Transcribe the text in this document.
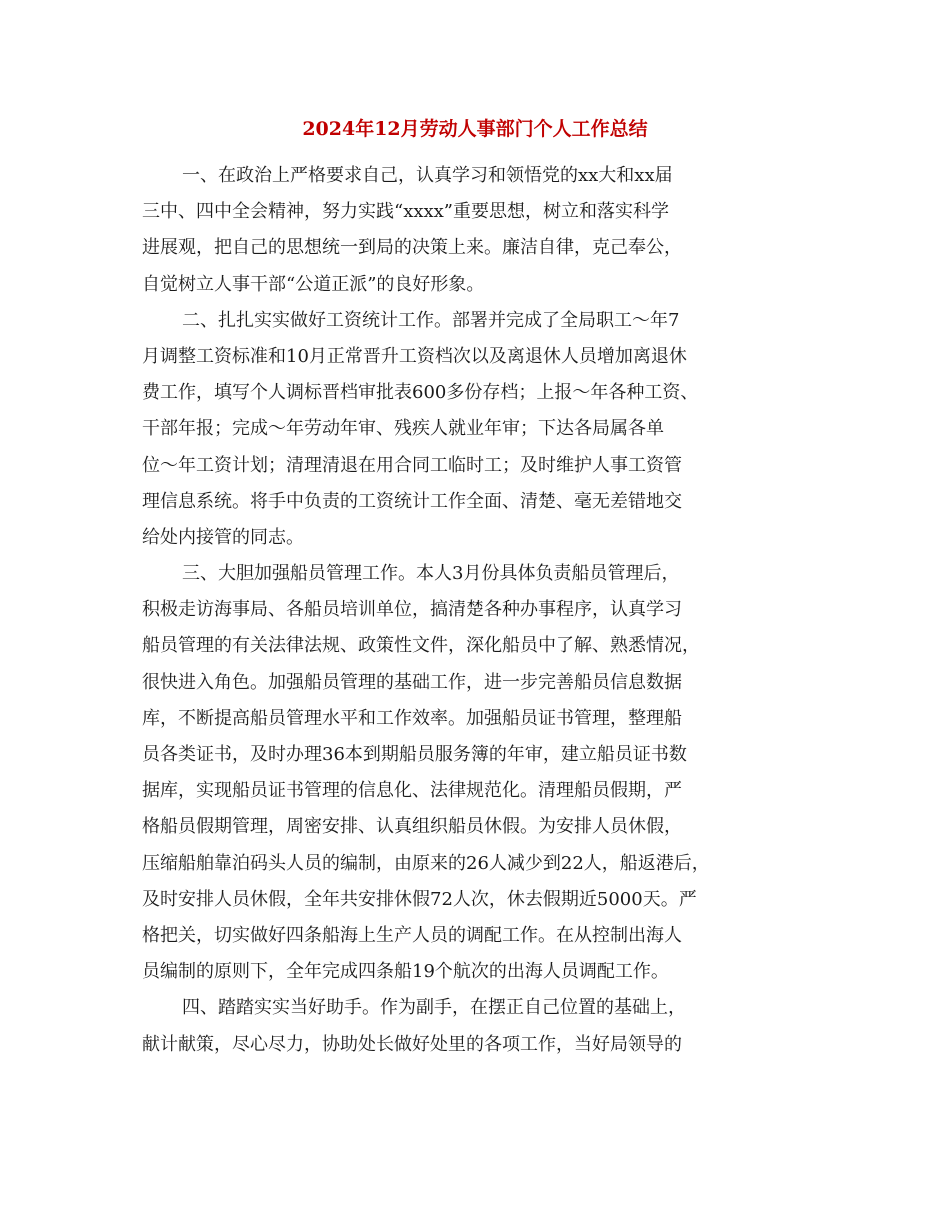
2024年12月劳动人事部门个人工作总结
一、在政治上严格要求自己，认真学习和领悟党的xx大和xx届
三中、四中全会精神，努力实践“xxxx”重要思想，树立和落实科学
进展观，把自己的思想统一到局的决策上来。廉洁自律，克己奉公，
自觉树立人事干部“公道正派”的良好形象。
二、扎扎实实做好工资统计工作。部署并完成了全局职工～年7
月调整工资标准和10月正常晋升工资档次以及离退休人员增加离退休
费工作，填写个人调标晋档审批表600多份存档；上报～年各种工资、
干部年报；完成～年劳动年审、残疾人就业年审；下达各局属各单
位～年工资计划；清理清退在用合同工临时工；及时维护人事工资管
理信息系统。将手中负责的工资统计工作全面、清楚、毫无差错地交
给处内接管的同志。
三、大胆加强船员管理工作。本人3月份具体负责船员管理后，
积极走访海事局、各船员培训单位，搞清楚各种办事程序，认真学习
船员管理的有关法律法规、政策性文件，深化船员中了解、熟悉情况，
很快进入角色。加强船员管理的基础工作，进一步完善船员信息数据
库，不断提高船员管理水平和工作效率。加强船员证书管理，整理船
员各类证书，及时办理36本到期船员服务簿的年审，建立船员证书数
据库，实现船员证书管理的信息化、法律规范化。清理船员假期，严
格船员假期管理，周密安排、认真组织船员休假。为安排人员休假，
压缩船舶靠泊码头人员的编制，由原来的26人减少到22人，船返港后，
及时安排人员休假，全年共安排休假72人次，休去假期近5000天。严
格把关，切实做好四条船海上生产人员的调配工作。在从控制出海人
员编制的原则下，全年完成四条船19个航次的出海人员调配工作。
四、踏踏实实当好助手。作为副手，在摆正自己位置的基础上，
献计献策，尽心尽力，协助处长做好处里的各项工作，当好局领导的
